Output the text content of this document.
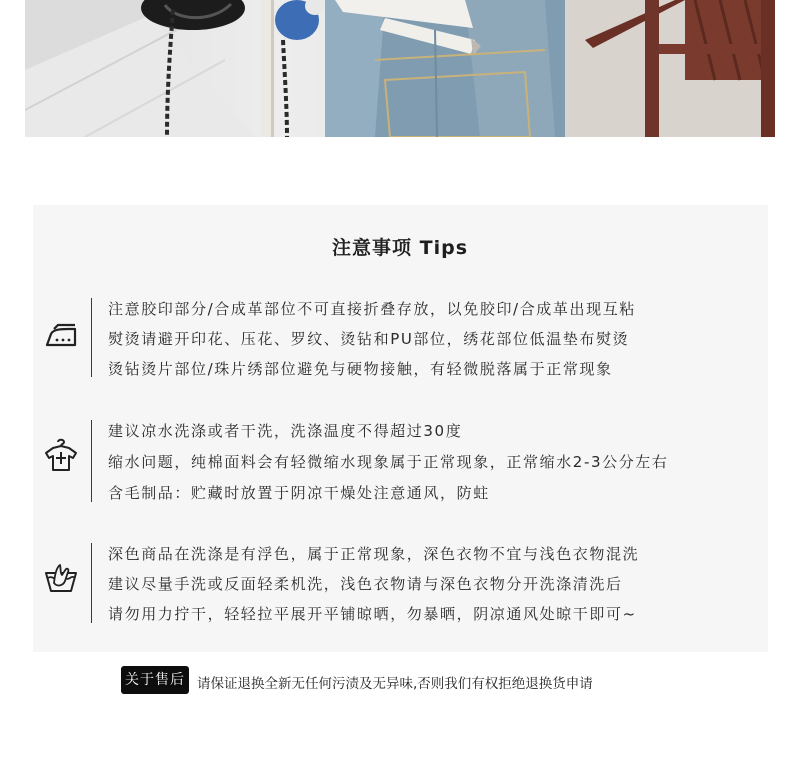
注意事项 Tips
注意胶印部分/合成革部位不可直接折叠存放，以免胶印/合成革出现互粘
熨烫请避开印花、压花、罗纹、烫钻和PU部位，绣花部位低温垫布熨烫
烫钻烫片部位/珠片绣部位避免与硬物接触，有轻微脱落属于正常现象
建议凉水洗涤或者干洗，洗涤温度不得超过30度
缩水问题，纯棉面料会有轻微缩水现象属于正常现象，正常缩水2-3公分左右
含毛制品：贮藏时放置于阴凉干燥处注意通风，防蛀
深色商品在洗涤是有浮色，属于正常现象，深色衣物不宜与浅色衣物混洗
建议尽量手洗或反面轻柔机洗，浅色衣物请与深色衣物分开洗涤清洗后
请勿用力拧干，轻轻拉平展开平铺晾晒，勿暴晒，阴凉通风处晾干即可~
关于售后 请保证退换全新无任何污渍及无异味,否则我们有权拒绝退换货申请
